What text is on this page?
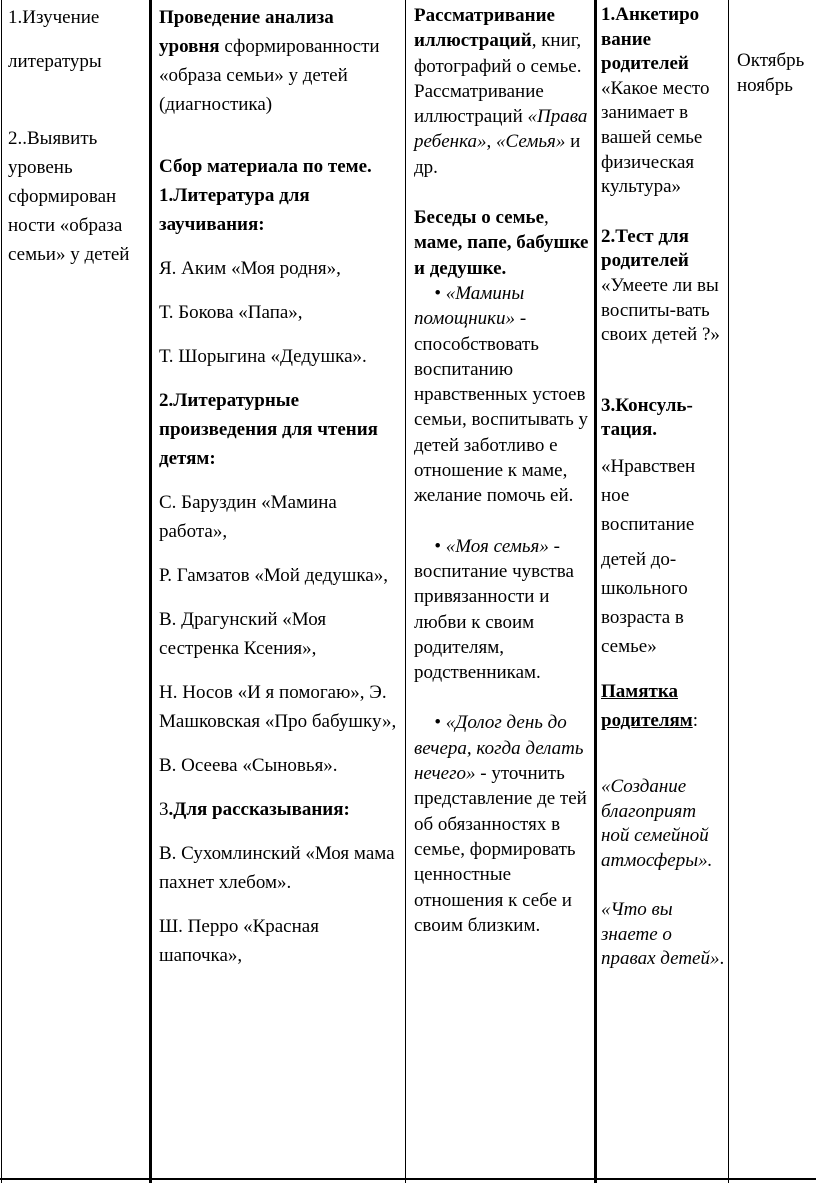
1.Изучение

литературы

2..Выявить уровень сформирован ности «образа семьи» у детей

Проведение анализа уровня сформированности «образа семьи» у детей (диагностика)

Сбор материала по теме.

1.Литература для заучивания:

Я. Аким «Моя родня»,

Т. Бокова «Папа»,

Т. Шорыгина «Дедушка».

2.Литературные произведения для чтения детям:

С. Баруздин «Мамина работа»,

Р. Гамзатов «Мой дедушка»,

В. Драгунский «Моя сестренка Ксения»,

Н. Носов «И я помогаю», Э. Машковская «Про бабушку»,

В. Осеева «Сыновья».

3.Для рассказывания:

В. Сухомлинский «Моя мама пахнет хлебом».

Ш. Перро «Красная шапочка»,

Рассматривание иллюстраций, книг, фотографий о семье. Рассматривание иллюстраций «Права ребенка», «Семья» и др.

Беседы о семье, маме, папе, бабушке и дедушке.

• «Мамины помощники» - способствовать воспитанию нравственных устоев семьи, воспитывать у детей заботливо е отношение к маме, желание помочь ей.

• «Моя семья» - воспитание чувства привязанности и любви к своим родителям, родственникам.

• «Долог день до вечера, когда делать нечего» - уточнить представление де тей об обязанностях в семье, формировать ценностные отношения к себе и своим близким.

1.Анкетиро вание родителей «Какое место занимает в вашей семье физическая культура»

2.Тест для родителей «Умеете ли вы воспиты-вать своих детей ?»

3.Консуль-тация.

«Нравствен ное воспитание

детей до-школьного возраста в семье»

Памятка родителям:

«Создание благоприят ной семейной атмосферы».

«Что вы знаете о правах детей».

Октябрь ноябрь
